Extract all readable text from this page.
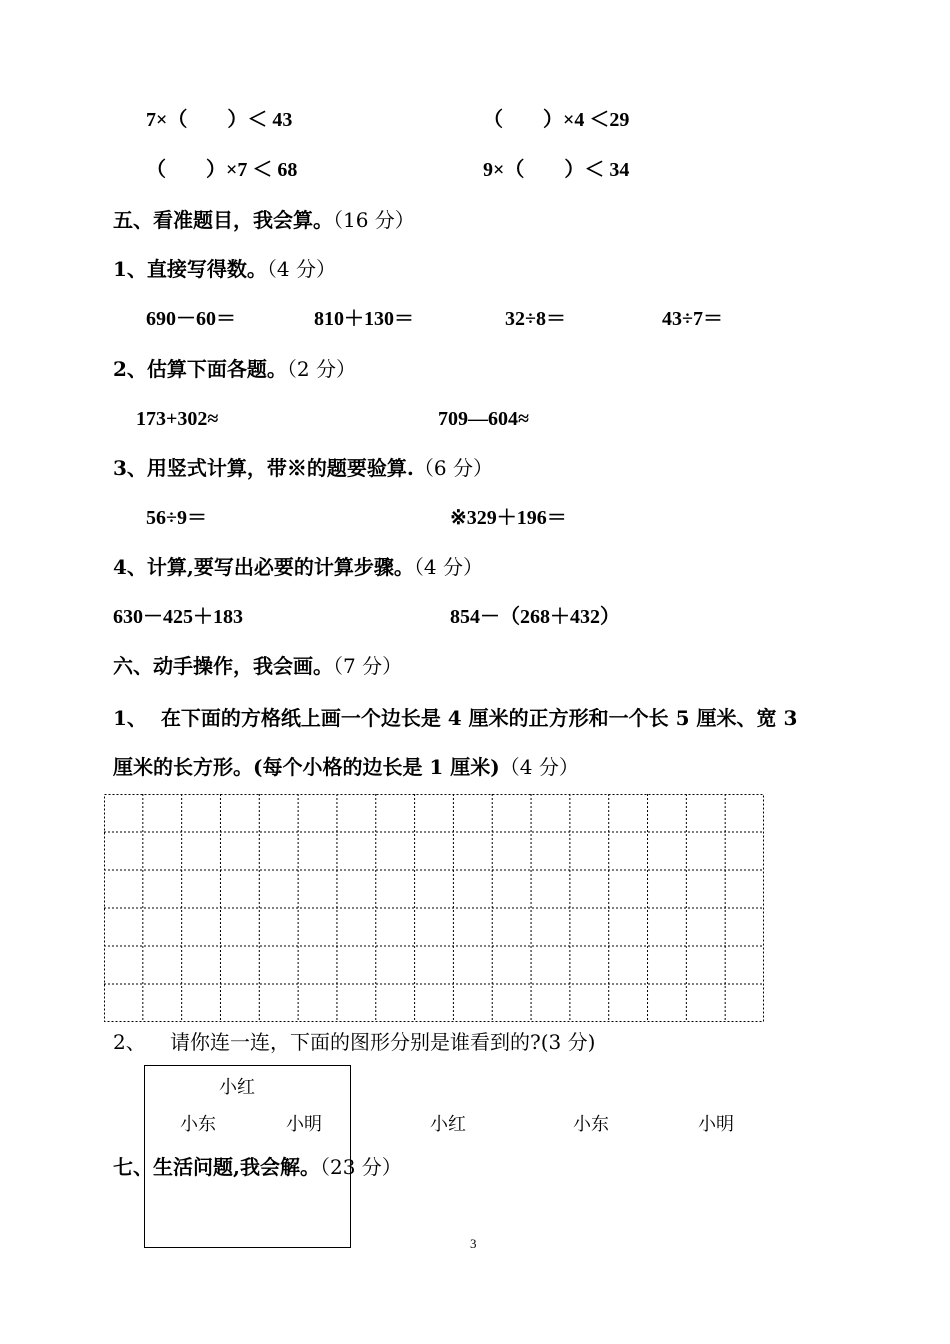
7×（　　）＜ 43	（　　）×4 ＜29
（　　）×7 ＜ 68	9×（　　）＜ 34
五、看准题目，我会算。（16 分）
1、直接写得数。（4 分）
690－60＝	810＋130＝	32÷8＝	43÷7＝
2、估算下面各题。（2 分）
173+302≈	709—604≈
3、用竖式计算，带※的题要验算.（6 分）
56÷9＝	※329＋196＝
4、计算,要写出必要的计算步骤。（4 分）
630－425＋183	854－（268＋432）
六、动手操作，我会画。（7 分）
1、  在下面的方格纸上画一个边长是 4 厘米的正方形和一个长 5 厘米、宽 3
厘米的长方形。(每个小格的边长是 1 厘米)（4 分）
2、 请你连一连，下面的图形分别是谁看到的?(3 分)
七、生活问题,我会解。（23 分）
小红
小东	小明	小红	小东	小明
3
